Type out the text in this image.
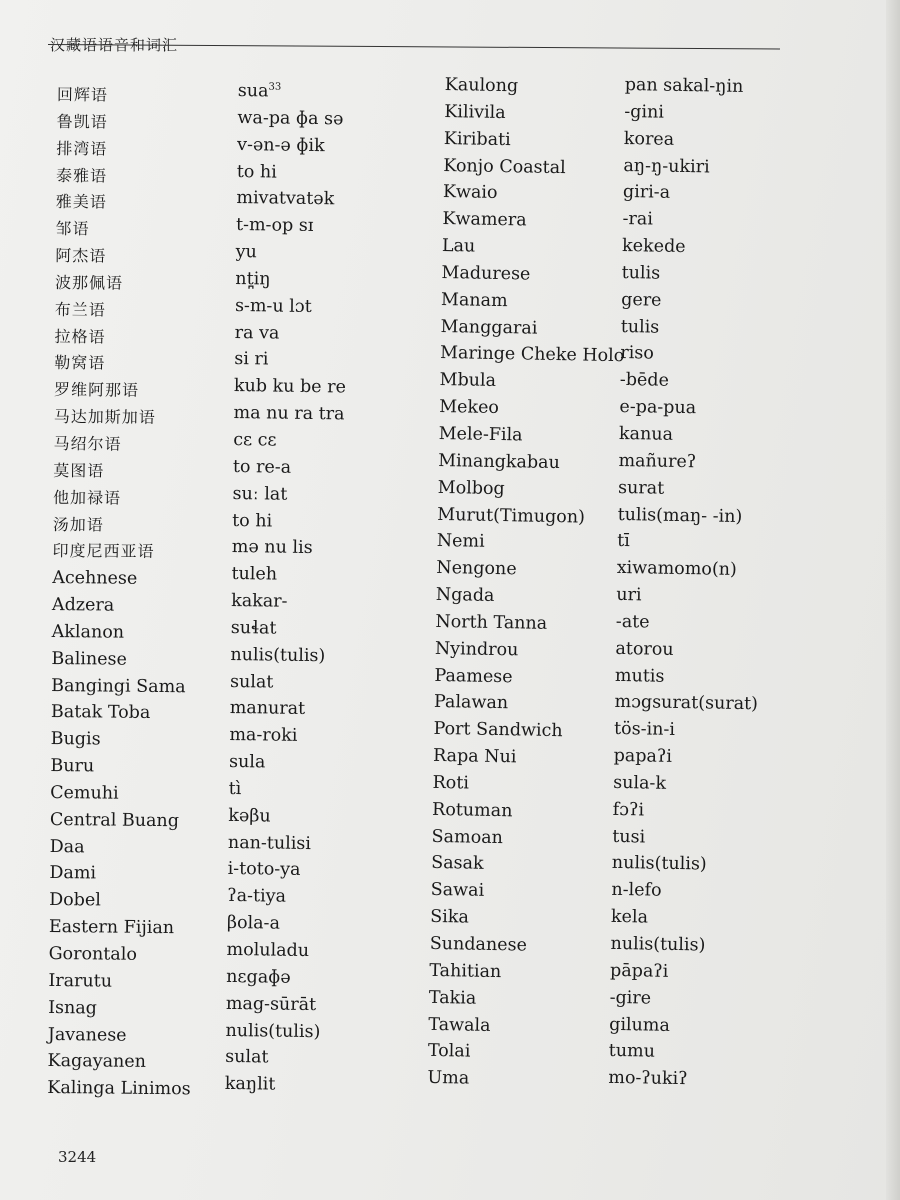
汉藏语语音和词汇
回辉语
鲁凯语
排湾语
泰雅语
雅美语
邹语
阿杰语
波那佩语
布兰语
拉格语
勒窝语
罗维阿那语
马达加斯加语
马绍尔语
莫图语
他加禄语
汤加语
印度尼西亚语
Acehnese
Adzera
Aklanon
Balinese
Bangingi Sama
Batak Toba
Bugis
Buru
Cemuhi
Central Buang
Daa
Dami
Dobel
Eastern Fijian
Gorontalo
Irarutu
Isnag
Javanese
Kagayanen
Kalinga Linimos
sua$^{33}$
wa-pa ɸa sə
v-ən-ə ɸik
to hi
mivatvatək
t-m-op sɪ
yu
nt̪iŋ
s-m-u lɔt
ra va
si ri
kub ku be re
ma nu ra tra
cɛ cɛ
to re-a
suː lat
to hi
mə nu lis
tuleh
kakar-
suɬat
nulis(tulis)
sulat
manurat
ma-roki
sula
tì
kəβu
nan-tulisi
i-toto-ya
ʔa-tiya
βola-a
moluladu
nɛgaɸə
mag-sūrāt
nulis(tulis)
sulat
kaŋlit
Kaulong
Kilivila
Kiribati
Konjo Coastal
Kwaio
Kwamera
Lau
Madurese
Manam
Manggarai
Maringe Cheke Holo
Mbula
Mekeo
Mele-Fila
Minangkabau
Molbog
Murut(Timugon)
Nemi
Nengone
Ngada
North Tanna
Nyindrou
Paamese
Palawan
Port Sandwich
Rapa Nui
Roti
Rotuman
Samoan
Sasak
Sawai
Sika
Sundanese
Tahitian
Takia
Tawala
Tolai
Uma
pan sakal-ŋin
-gini
korea
aŋ-ŋ-ukiri
giri-a
-rai
kekede
tulis
gere
tulis
riso
-bēde
e-pa-pua
kanua
mañureʔ
surat
tulis(maŋ- -in)
tī
xiwamomo(n)
uri
-ate
atorou
mutis
mɔgsurat(surat)
tös-in-i
papaʔi
sula-k
fɔʔi
tusi
nulis(tulis)
n-lefo
kela
nulis(tulis)
pāpaʔi
-gire
giluma
tumu
mo-ʔukiʔ
3244
